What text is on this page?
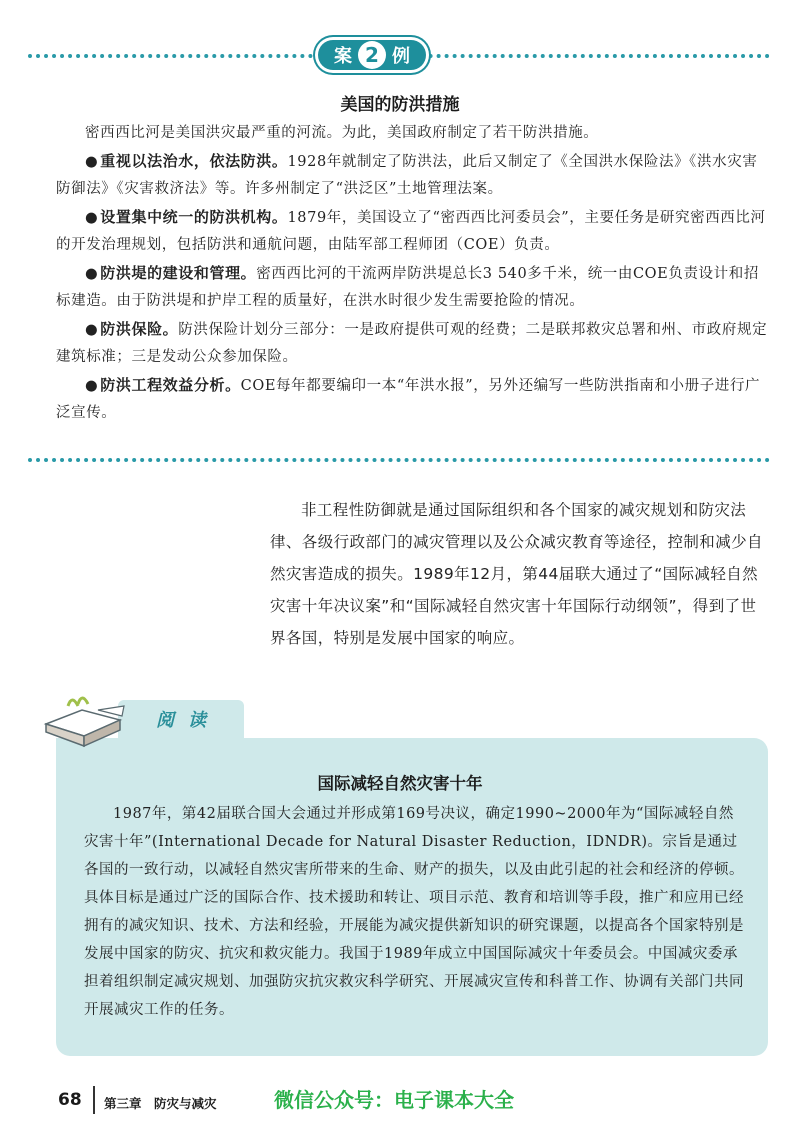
案 2 例
美国的防洪措施

密西西比河是美国洪灾最严重的河流。为此，美国政府制定了若干防洪措施。

● 重视以法治水，依法防洪。1928年就制定了防洪法，此后又制定了《全国洪水保险法》《洪水灾害防御法》《灾害救济法》等。许多州制定了“洪泛区”土地管理法案。

● 设置集中统一的防洪机构。1879年，美国设立了“密西西比河委员会”，主要任务是研究密西西比河的开发治理规划，包括防洪和通航问题，由陆军部工程师团（COE）负责。

● 防洪堤的建设和管理。密西西比河的干流两岸防洪堤总长3 540多千米，统一由COE负责设计和招标建造。由于防洪堤和护岸工程的质量好，在洪水时很少发生需要抢险的情况。

● 防洪保险。防洪保险计划分三部分：一是政府提供可观的经费；二是联邦救灾总署和州、市政府规定建筑标准；三是发动公众参加保险。

● 防洪工程效益分析。COE每年都要编印一本“年洪水报”，另外还编写一些防洪指南和小册子进行广泛宣传。

非工程性防御就是通过国际组织和各个国家的减灾规划和防灾法律、各级行政部门的减灾管理以及公众减灾教育等途径，控制和减少自然灾害造成的损失。1989年12月，第44届联大通过了“国际减轻自然灾害十年决议案”和“国际减轻自然灾害十年国际行动纲领”，得到了世界各国，特别是发展中国家的响应。

阅 读
国际减轻自然灾害十年

1987年，第42届联合国大会通过并形成第169号决议，确定1990~2000年为“国际减轻自然灾害十年”(International Decade for Natural Disaster Reduction，IDNDR)。宗旨是通过各国的一致行动，以减轻自然灾害所带来的生命、财产的损失，以及由此引起的社会和经济的停顿。具体目标是通过广泛的国际合作、技术援助和转让、项目示范、教育和培训等手段，推广和应用已经拥有的减灾知识、技术、方法和经验，开展能为减灾提供新知识的研究课题，以提高各个国家特别是发展中国家的防灾、抗灾和救灾能力。我国于1989年成立中国国际减灾十年委员会。中国减灾委承担着组织制定减灾规划、加强防灾抗灾救灾科学研究、开展减灾宣传和科普工作、协调有关部门共同开展减灾工作的任务。

68 第三章　防灾与减灾	微信公众号：电子课本大全
